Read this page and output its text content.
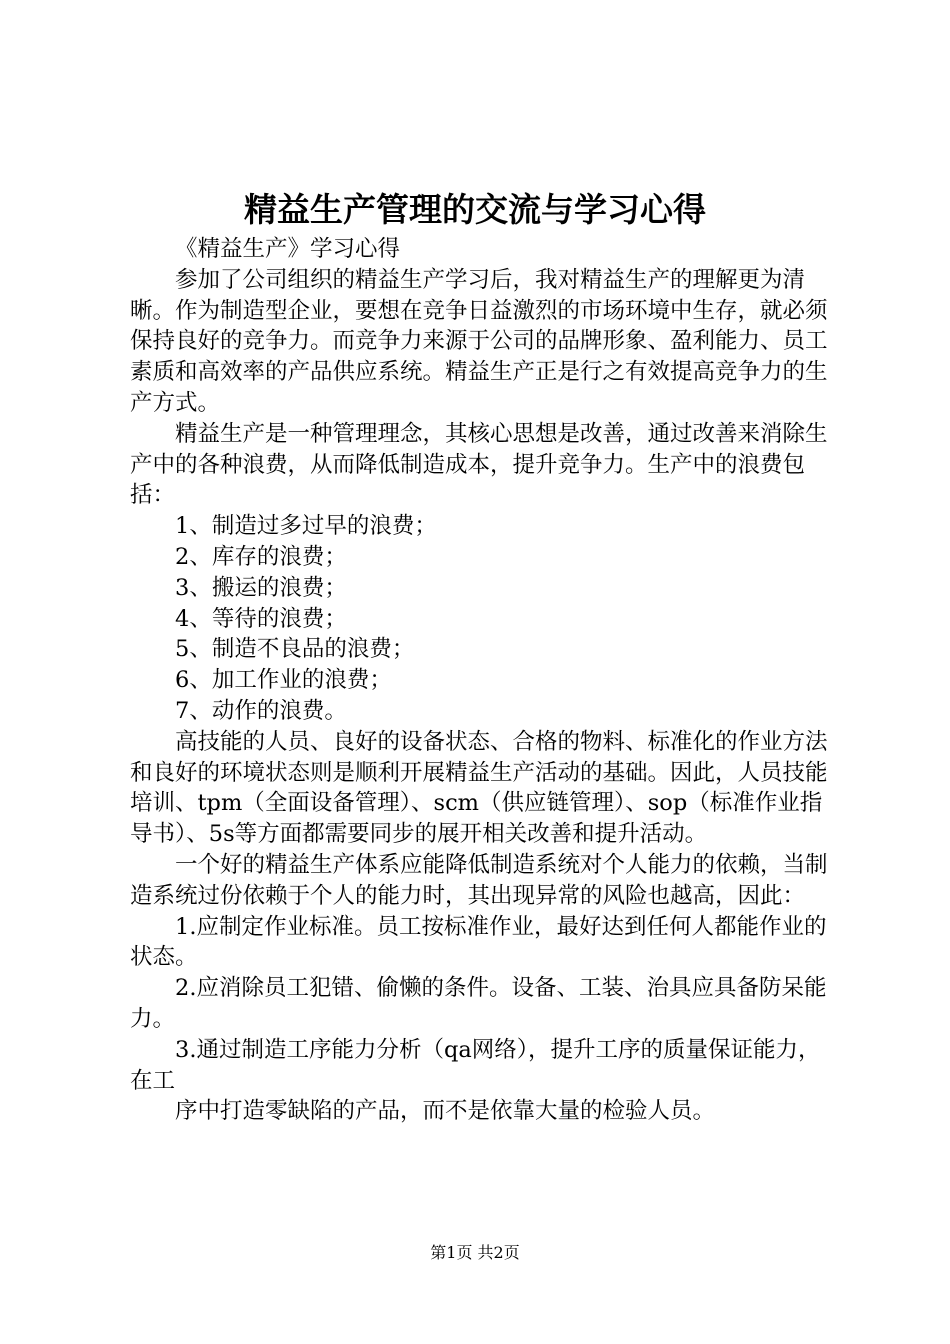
精益生产管理的交流与学习心得

《精益生产》学习心得

参加了公司组织的精益生产学习后，我对精益生产的理解更为清晰。作为制造型企业，要想在竞争日益激烈的市场环境中生存，就必须保持良好的竞争力。而竞争力来源于公司的品牌形象、盈利能力、员工素质和高效率的产品供应系统。精益生产正是行之有效提高竞争力的生产方式。

精益生产是一种管理理念，其核心思想是改善，通过改善来消除生产中的各种浪费，从而降低制造成本，提升竞争力。生产中的浪费包括：

1、制造过多过早的浪费；

2、库存的浪费；

3、搬运的浪费；

4、等待的浪费；

5、制造不良品的浪费；

6、加工作业的浪费；

7、动作的浪费。

高技能的人员、良好的设备状态、合格的物料、标准化的作业方法和良好的环境状态则是顺利开展精益生产活动的基础。因此，人员技能培训、tpm（全面设备管理）、scm（供应链管理）、sop（标准作业指导书）、5s等方面都需要同步的展开相关改善和提升活动。

一个好的精益生产体系应能降低制造系统对个人能力的依赖，当制造系统过份依赖于个人的能力时，其出现异常的风险也越高，因此：

1.应制定作业标准。员工按标准作业，最好达到任何人都能作业的状态。

2.应消除员工犯错、偷懒的条件。设备、工装、治具应具备防呆能力。

3.通过制造工序能力分析（qa网络），提升工序的质量保证能力，在工

序中打造零缺陷的产品，而不是依靠大量的检验人员。

第1页 共2页
